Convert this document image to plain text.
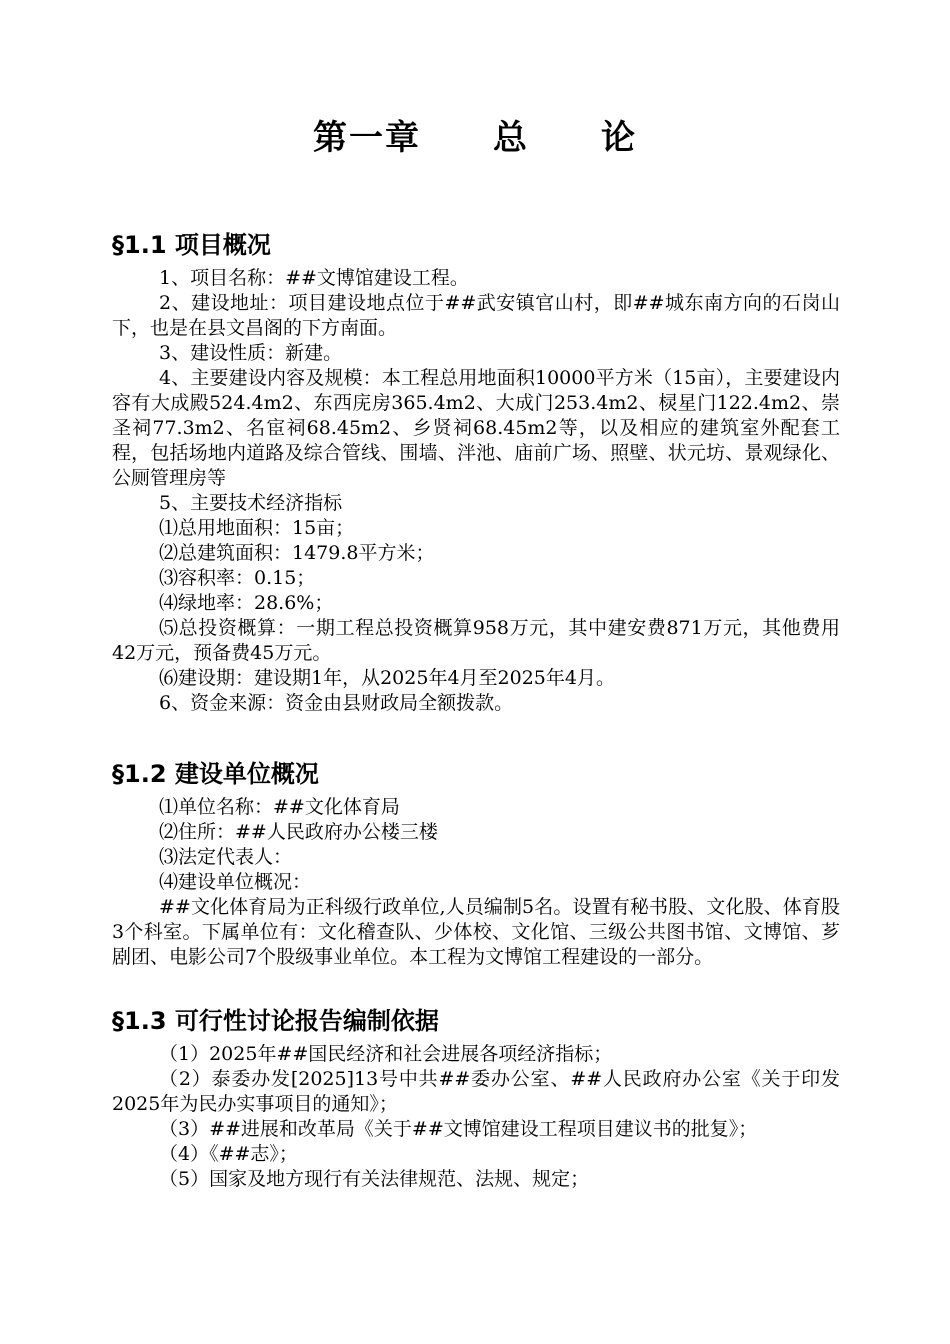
第一章　　总　　论
§1.1 项目概况

1、项目名称：##文博馆建设工程。

2、建设地址：项目建设地点位于##武安镇官山村，即##城东南方向的石岗山下，也是在县文昌阁的下方南面。

3、建设性质：新建。

4、主要建设内容及规模：本工程总用地面积10000平方米（15亩），主要建设内容有大成殿524.4m2、东西庑房365.4m2、大成门253.4m2、棂星门122.4m2、崇圣祠77.3m2、名宦祠68.45m2、乡贤祠68.45m2等，以及相应的建筑室外配套工程，包括场地内道路及综合管线、围墙、泮池、庙前广场、照壁、状元坊、景观绿化、公厕管理房等

5、主要技术经济指标

⑴总用地面积：15亩；

⑵总建筑面积：1479.8平方米；

⑶容积率：0.15；

⑷绿地率：28.6%；

⑸总投资概算：一期工程总投资概算958万元，其中建安费871万元，其他费用42万元，预备费45万元。

⑹建设期：建设期1年，从2025年4月至2025年4月。

6、资金来源：资金由县财政局全额拨款。

§1.2 建设单位概况

⑴单位名称：##文化体育局

⑵住所：##人民政府办公楼三楼

⑶法定代表人：

⑷建设单位概况：

##文化体育局为正科级行政单位,人员编制5名。设置有秘书股、文化股、体育股3个科室。下属单位有：文化稽查队、少体校、文化馆、三级公共图书馆、文博馆、芗剧团、电影公司7个股级事业单位。本工程为文博馆工程建设的一部分。

§1.3 可行性讨论报告编制依据

（1）2025年##国民经济和社会进展各项经济指标；

（2）泰委办发[2025]13号中共##委办公室、##人民政府办公室《关于印发2025年为民办实事项目的通知》；

（3）##进展和改革局《关于##文博馆建设工程项目建议书的批复》；

（4）《##志》；

（5）国家及地方现行有关法律规范、法规、规定；
